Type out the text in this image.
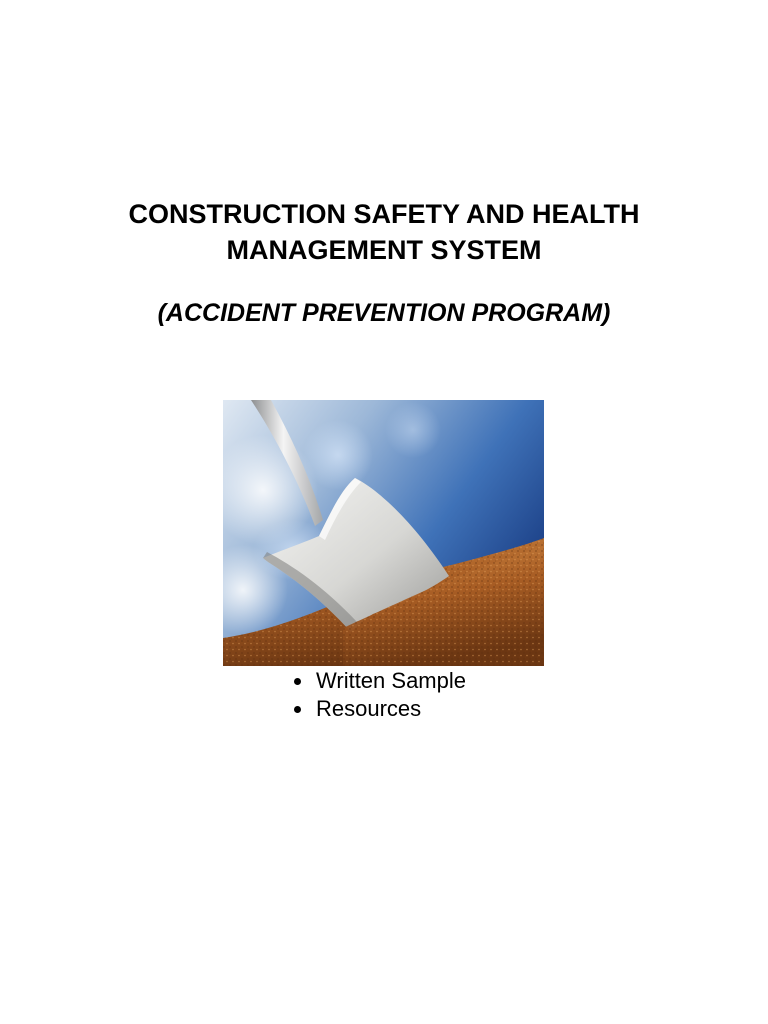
CONSTRUCTION SAFETY AND HEALTH
MANAGEMENT SYSTEM
(ACCIDENT PREVENTION PROGRAM)
Written Sample
Resources
